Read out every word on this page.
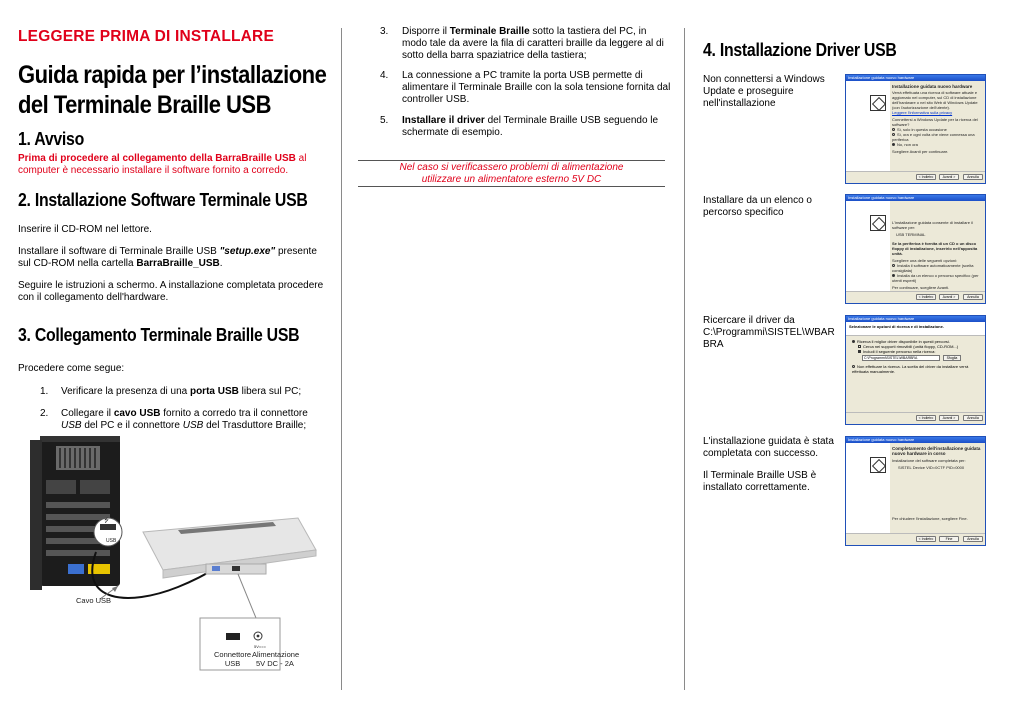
LEGGERE PRIMA DI INSTALLARE
Guida rapida per l’installazione
del Terminale Braille USB
1. Avviso
Prima di procedere al collegamento della BarraBraille USB al
computer è necessario installare il software fornito a corredo.
2. Installazione Software Terminale USB
Inserire il CD-ROM nel lettore.
Installare il software di Terminale Braille USB "setup.exe" presente
sul CD-ROM nella cartella BarraBraille_USB.
Seguire le istruzioni a schermo. A installazione completata procedere
con il collegamento dell'hardware.
3. Collegamento Terminale Braille USB
Procedere come segue:
1. Verificare la presenza di una porta USB libera sul PC;
2. Collegare il cavo USB fornito a corredo tra il connettore
USB del PC e il connettore USB del Trasduttore Braille;
⭍
USB
Cavo USB
5V===
Connettore
USB
Alimentazione
5V DC - 2A
3. Disporre il Terminale Braille sotto la tastiera del PC, in
modo tale da avere la fila di caratteri braille da leggere al di
sotto della barra spaziatrice della tastiera;
4. La connessione a PC tramite la porta USB permette di
alimentare il Terminale Braille con la sola tensione fornita dal
controller USB.
5. Installare il driver del Terminale Braille USB seguendo le
schermate di esempio.
Nel caso si verificassero problemi di alimentazione
utilizzare un alimentatore esterno 5V DC
4. Installazione Driver USB
Non connettersi a Windows
Update e proseguire
nell'installazione
Installare da un elenco o
percorso specifico
Ricercare il driver da
C:\Programmi\SISTEL\WBAR
BRA
L'installazione guidata è stata
completata con successo.
Il Terminale Braille USB è
installato correttamente.
Installazione guidata nuovo hardware
Installazione guidata nuovo hardware
Verrà effettuata una ricerca di software attuale e aggiornato nel computer, sul CD di installazione dell'hardware o nel sito Web di Windows Update (con l'autorizzazione dell'utente).
Leggere l'informativa sulla privacy
Connettersi a Windows Update per la ricerca del software?
Sì, solo in questa occasione
Sì, ora e ogni volta che viene connessa una periferica
No, non ora
Scegliere Avanti per continuare.
< Indietro	Avanti >	Annulla
Installazione guidata nuovo hardware
L'installazione guidata consente di installare il software per:
USB TERMINAL
Se la periferica è fornita di un CD o un disco floppy di installazione, inserirlo nell'apposita unità.
Scegliere una delle seguenti opzioni:
Installa il software automaticamente (scelta consigliata)
Installa da un elenco o percorso specifico (per utenti esperti)
Per continuare, scegliere Avanti.
< Indietro	Avanti >	Annulla
Installazione guidata nuovo hardware
Selezionare le opzioni di ricerca e di installazione.
Ricerca il miglior driver disponibile in questi percorsi.
Cerca nei supporti rimovibili (unità floppy, CD-ROM...)
Includi il seguente percorso nella ricerca:
C:\Programmi\SISTEL\WBARBRA	Sfoglia
Non effettuare la ricerca. La scelta del driver da installare verrà effettuata manualmente.
< Indietro	Avanti >	Annulla
Installazione guidata nuovo hardware
Completamento dell'installazione guidata nuovo hardware in corso
Installazione del software completata per:
SISTEL Device VID=0CTF PID=0000
Per chiudere l'installazione, scegliere Fine.
< Indietro	Fine	Annulla
